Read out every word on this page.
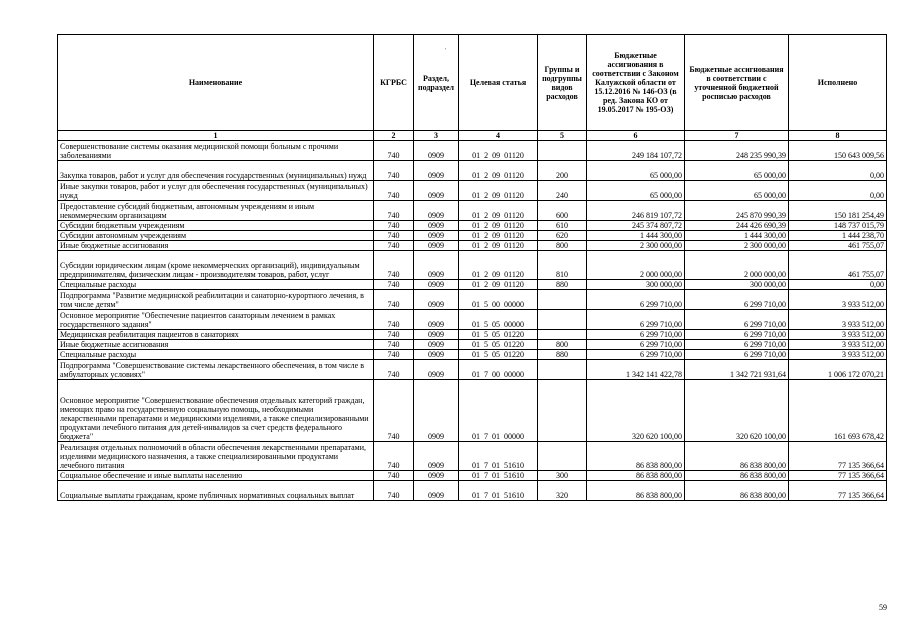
'
Наименование	КГРБС	Раздел, подраздел	Целевая статья	Группы и подгруппы видов расходов	Бюджетные ассигнования в соответствии с Законом Калужской области от 15.12.2016 № 146-ОЗ (в ред. Закона КО от 19.05.2017 № 195-ОЗ)	Бюджетные ассигнования в соответствии с уточненной бюджетной росписью расходов	Исполнено
1	2	3	4	5	6	7	8
Совершенствование системы оказания медицинской помощи больным с прочими заболеваниями	740	0909	01 2 09 01120		249 184 107,72	248 235 990,39	150 643 009,56
Закупка товаров, работ и услуг для обеспечения государственных (муниципальных) нужд	740	0909	01 2 09 01120	200	65 000,00	65 000,00	0,00
Иные закупки товаров, работ и услуг для обеспечения государственных (муниципальных) нужд	740	0909	01 2 09 01120	240	65 000,00	65 000,00	0,00
Предоставление субсидий бюджетным, автономным учреждениям и иным некоммерческим организациям	740	0909	01 2 09 01120	600	246 819 107,72	245 870 990,39	150 181 254,49
Субсидии бюджетным учреждениям	740	0909	01 2 09 01120	610	245 374 807,72	244 426 690,39	148 737 015,79
Субсидии автономным учреждениям	740	0909	01 2 09 01120	620	1 444 300,00	1 444 300,00	1 444 238,70
Иные бюджетные ассигнования	740	0909	01 2 09 01120	800	2 300 000,00	2 300 000,00	461 755,07
Субсидии юридическим лицам (кроме некоммерческих организаций), индивидуальным предпринимателям, физическим лицам - производителям товаров, работ, услуг	740	0909	01 2 09 01120	810	2 000 000,00	2 000 000,00	461 755,07
Специальные расходы	740	0909	01 2 09 01120	880	300 000,00	300 000,00	0,00
Подпрограмма "Развитие медицинской реабилитации и санаторно-курортного лечения, в том числе детям"	740	0909	01 5 00 00000		6 299 710,00	6 299 710,00	3 933 512,00
Основное мероприятие "Обеспечение пациентов санаторным лечением в рамках государственного задания"	740	0909	01 5 05 00000		6 299 710,00	6 299 710,00	3 933 512,00
Медицинская реабилитация пациентов в санаториях	740	0909	01 5 05 01220		6 299 710,00	6 299 710,00	3 933 512,00
Иные бюджетные ассигнования	740	0909	01 5 05 01220	800	6 299 710,00	6 299 710,00	3 933 512,00
Специальные расходы	740	0909	01 5 05 01220	880	6 299 710,00	6 299 710,00	3 933 512,00
Подпрограмма "Совершенствование системы лекарственного обеспечения, в том числе в амбулаторных условиях"	740	0909	01 7 00 00000		1 342 141 422,78	1 342 721 931,64	1 006 172 070,21
Основное мероприятие "Совершенствование обеспечения отдельных категорий граждан, имеющих право на государственную социальную помощь, необходимыми лекарственными препаратами и медицинскими изделиями, а также специализированными продуктами лечебного питания для детей-инвалидов за счет средств федерального бюджета"	740	0909	01 7 01 00000		320 620 100,00	320 620 100,00	161 693 678,42
Реализация отдельных полномочий в области обеспечения лекарственными препаратами, изделиями медицинского назначения, а также специализированными продуктами лечебного питания	740	0909	01 7 01 51610		86 838 800,00	86 838 800,00	77 135 366,64
Социальное обеспечение и иные выплаты населению	740	0909	01 7 01 51610	300	86 838 800,00	86 838 800,00	77 135 366,64
Социальные выплаты гражданам, кроме публичных нормативных социальных выплат	740	0909	01 7 01 51610	320	86 838 800,00	86 838 800,00	77 135 366,64
59
